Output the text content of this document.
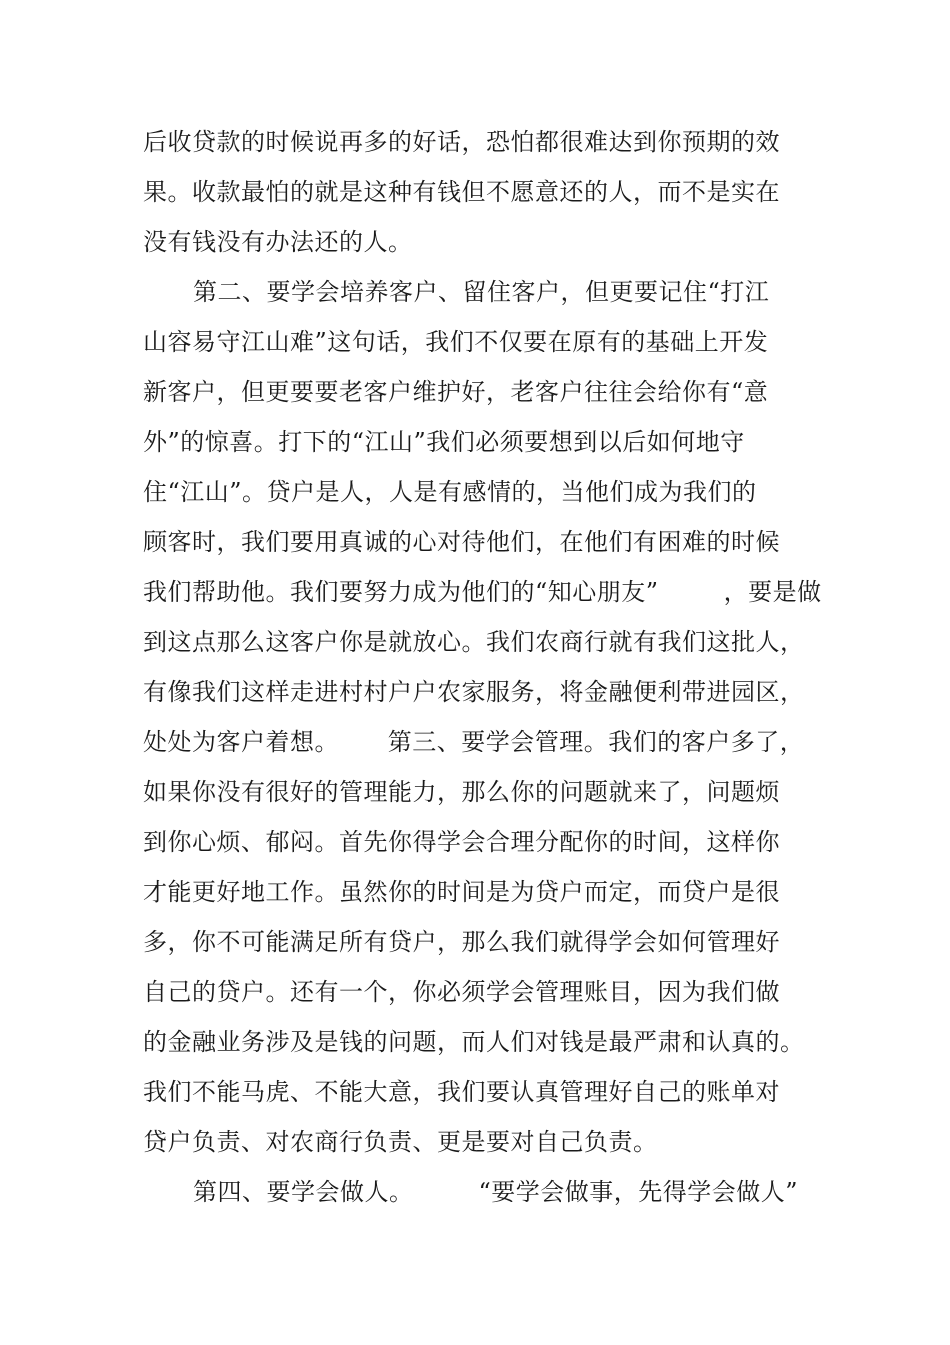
后收贷款的时候说再多的好话，恐怕都很难达到你预期的效

果。收款最怕的就是这种有钱但不愿意还的人，而不是实在

没有钱没有办法还的人。

第二、要学会培养客户、留住客户，但更要记住“打江

山容易守江山难”这句话，我们不仅要在原有的基础上开发

新客户，但更要要老客户维护好，老客户往往会给你有“意

外”的惊喜。打下的“江山”我们必须要想到以后如何地守

住“江山”。贷户是人，人是有感情的，当他们成为我们的

顾客时，我们要用真诚的心对待他们，在他们有困难的时候

我们帮助他。我们要努力成为他们的“知心朋友”        ，要是做

到这点那么这客户你是就放心。我们农商行就有我们这批人，

有像我们这样走进村村户户农家服务，将金融便利带进园区，

处处为客户着想。      第三、要学会管理。我们的客户多了，

如果你没有很好的管理能力，那么你的问题就来了，问题烦

到你心烦、郁闷。首先你得学会合理分配你的时间，这样你

才能更好地工作。虽然你的时间是为贷户而定，而贷户是很

多，你不可能满足所有贷户，那么我们就得学会如何管理好

自己的贷户。还有一个，你必须学会管理账目，因为我们做

的金融业务涉及是钱的问题，而人们对钱是最严肃和认真的。

我们不能马虎、不能大意，我们要认真管理好自己的账单对

贷户负责、对农商行负责、更是要对自己负责。

第四、要学会做人。        “要学会做事，先得学会做人”
